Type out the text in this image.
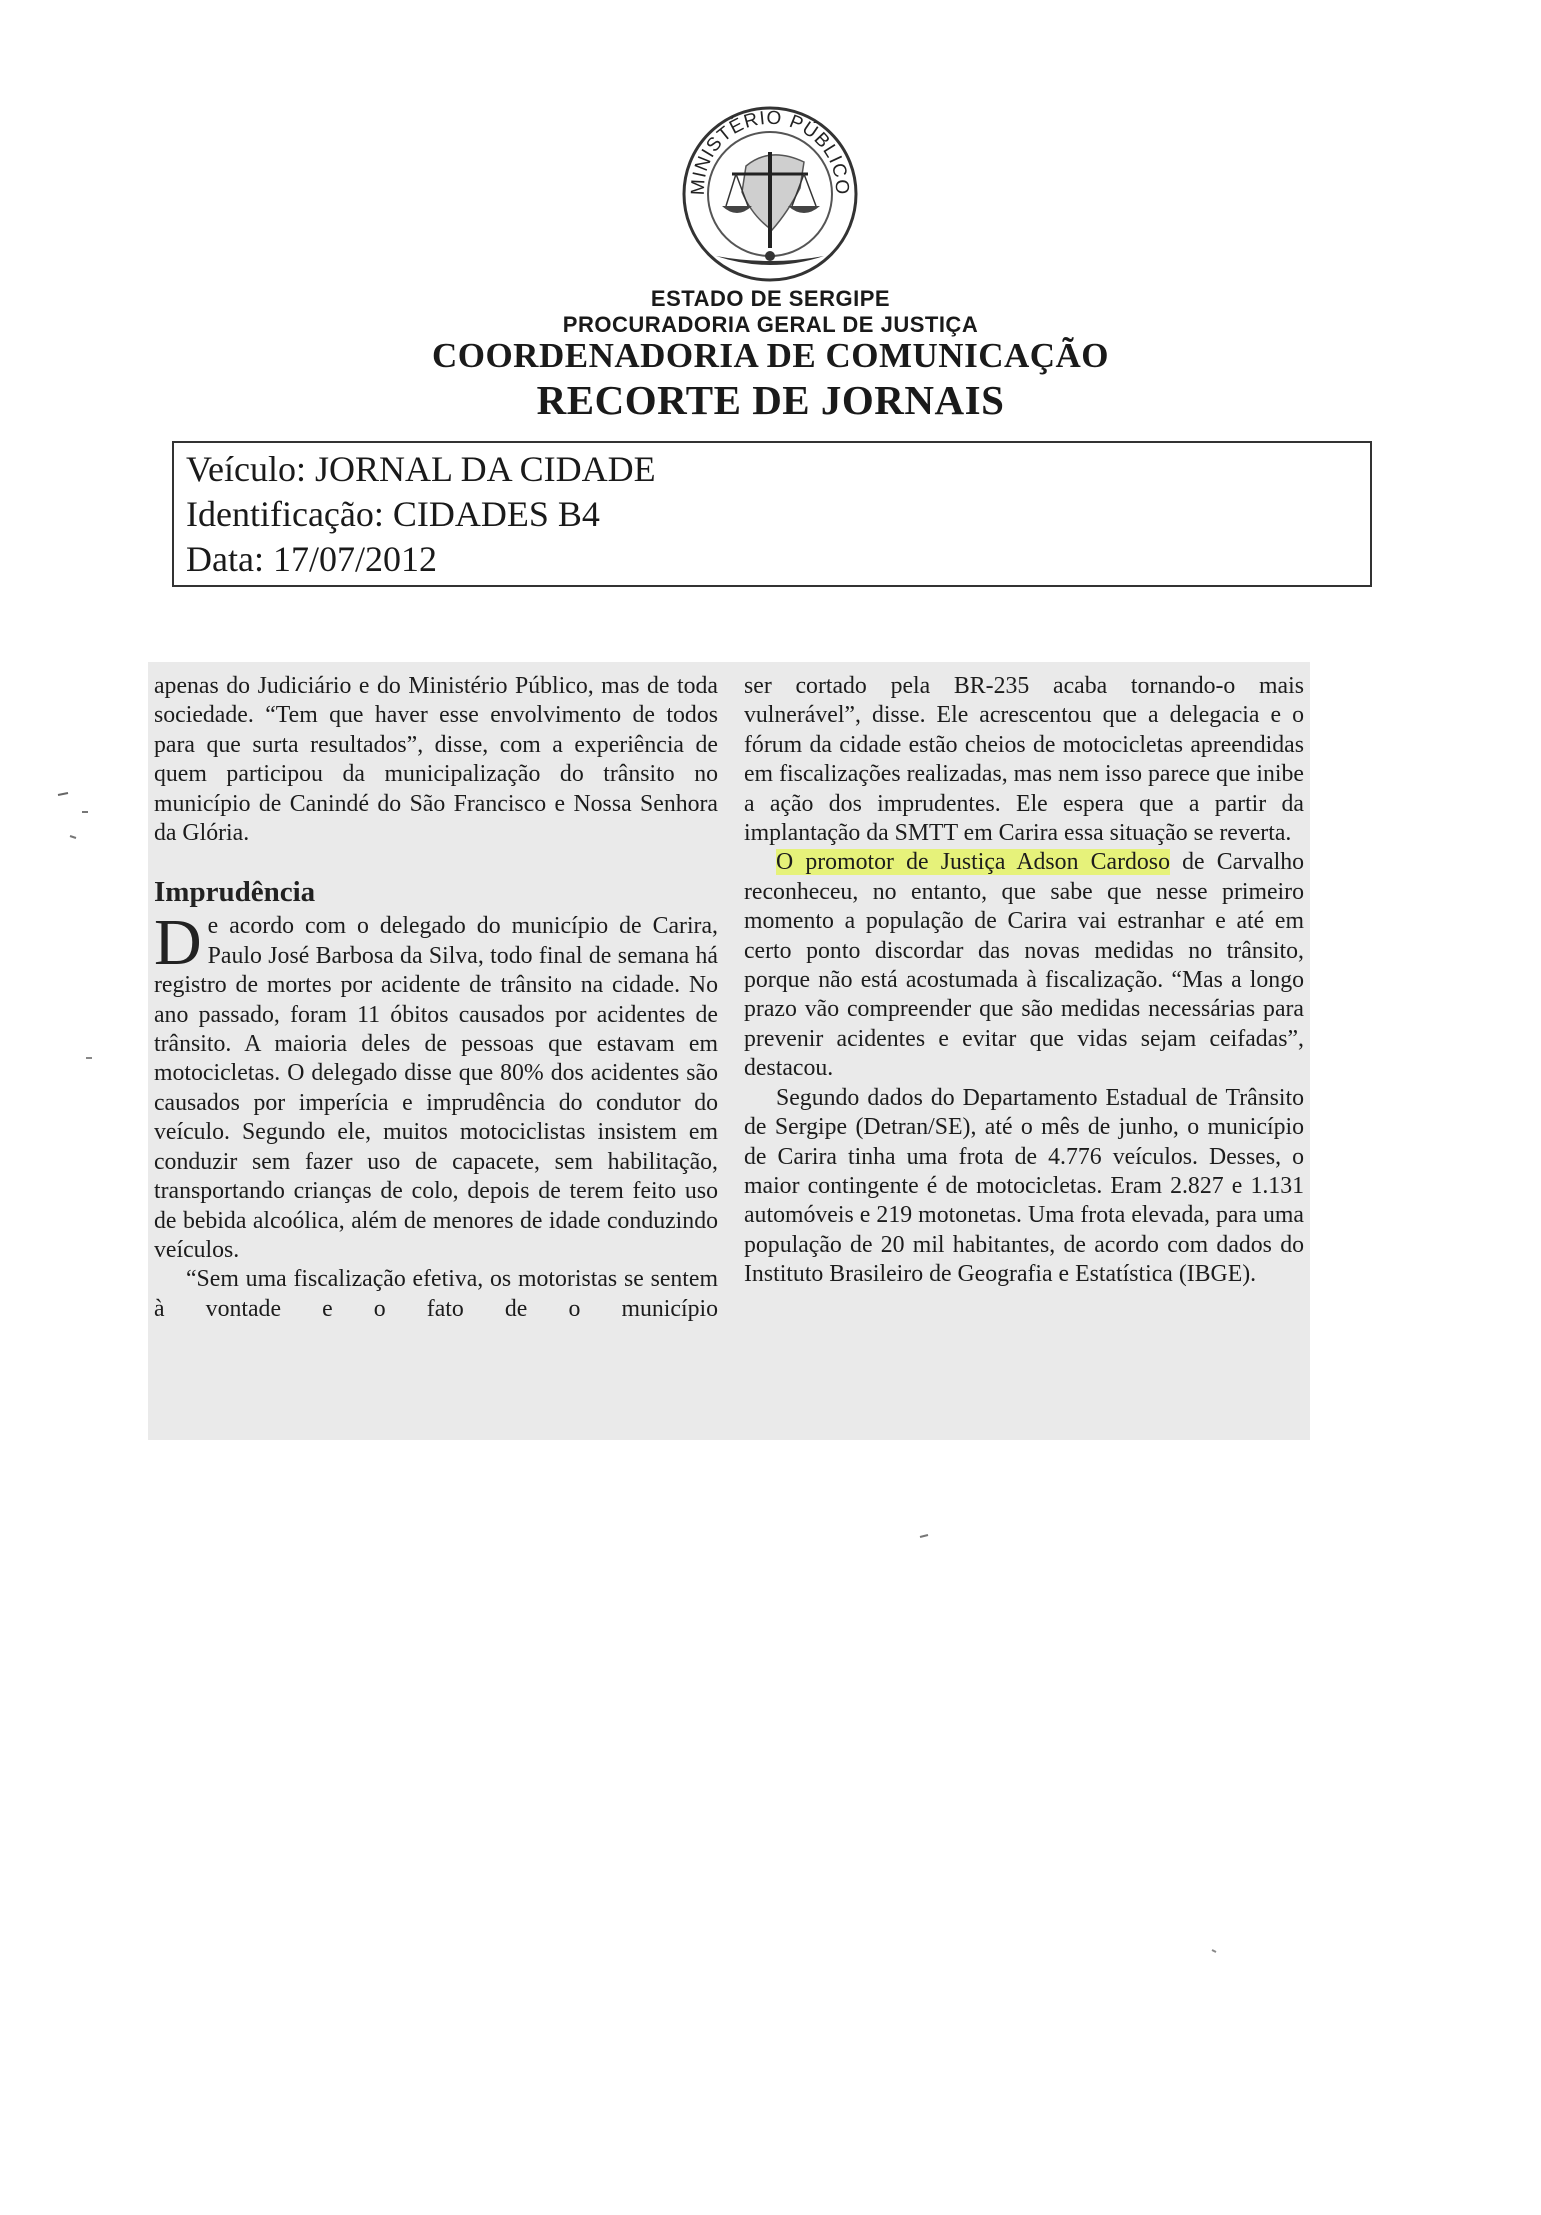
MINISTÉRIO PÚBLICO
ESTADO DE SERGIPE
PROCURADORIA GERAL DE JUSTIÇA
COORDENADORIA DE COMUNICAÇÃO
RECORTE DE JORNAIS
Veículo: JORNAL DA CIDADE
Identificação: CIDADES B4
Data: 17/07/2012

apenas do Judiciário e do Ministério Público, mas de toda sociedade. “Tem que haver esse envolvimento de todos para que surta resultados”, disse, com a experiência de quem participou da municipalização do trânsito no município de Canindé do São Francisco e Nossa Senhora da Glória.

Imprudência

De acordo com o delegado do município de Carira, Paulo José Barbosa da Silva, todo final de semana há registro de mortes por acidente de trânsito na cidade. No ano passado, foram 11 óbitos causados por acidentes de trânsito. A maioria deles de pessoas que estavam em motocicletas. O delegado disse que 80% dos acidentes são causados por imperícia e imprudência do condutor do veículo. Segundo ele, muitos motociclistas insistem em conduzir sem fazer uso de capacete, sem habilitação, transportando crianças de colo, depois de terem feito uso de bebida alcoólica, além de menores de idade conduzindo veículos.

“Sem uma fiscalização efetiva, os motoristas se sentem à vontade e o fato de o município

ser cortado pela BR-235 acaba tornando-o mais vulnerável”, disse. Ele acrescentou que a delegacia e o fórum da cidade estão cheios de motocicletas apreendidas em fiscalizações realizadas, mas nem isso parece que inibe a ação dos imprudentes. Ele espera que a partir da implantação da SMTT em Carira essa situação se reverta.

O promotor de Justiça Adson Cardoso de Carvalho reconheceu, no entanto, que sabe que nesse primeiro momento a população de Carira vai estranhar e até em certo ponto discordar das novas medidas no trânsito, porque não está acostumada à fiscalização. “Mas a longo prazo vão compreender que são medidas necessárias para prevenir acidentes e evitar que vidas sejam ceifadas”, destacou.

Segundo dados do Departamento Estadual de Trânsito de Sergipe (Detran/SE), até o mês de junho, o município de Carira tinha uma frota de 4.776 veículos. Desses, o maior contingente é de motocicletas. Eram 2.827 e 1.131 automóveis e 219 motonetas. Uma frota elevada, para uma população de 20 mil habitantes, de acordo com dados do Instituto Brasileiro de Geografia e Estatística (IBGE).
